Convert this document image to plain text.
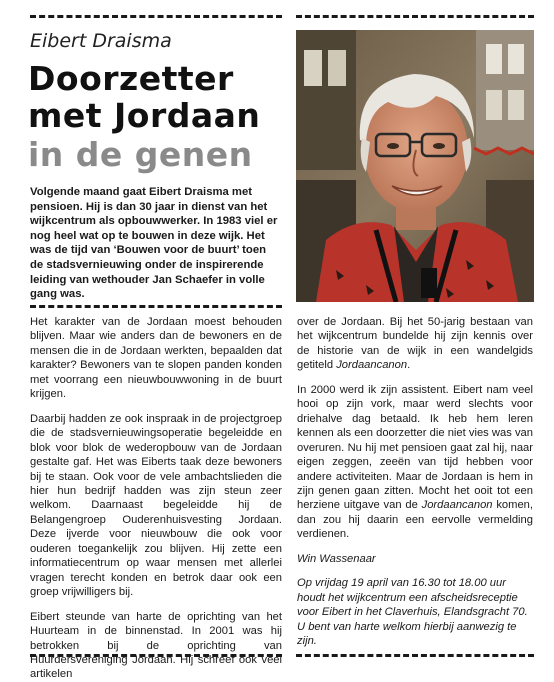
Eibert Draisma
Doorzetter
met Jordaan
in de genen
Volgende maand gaat Eibert Draisma met pensioen. Hij is dan 30 jaar in dienst van het wijkcentrum als opbouwwerker. In 1983 viel er nog heel wat op te bouwen in deze wijk. Het was de tijd van ‘Bouwen voor de buurt’ toen de stadsvernieuwing onder de inspirerende leiding van wethouder Jan Schaefer in volle gang was.

Het karakter van de Jordaan moest behouden blijven. Maar wie anders dan de bewoners en de mensen die in de Jordaan werkten, bepaalden dat karakter? Bewoners van te slopen panden konden met voorrang een nieuwbouwwoning in de buurt krijgen.

Daarbij hadden ze ook inspraak in de projectgroep die de stadsvernieuwingsoperatie begeleidde en blok voor blok de wederopbouw van de Jordaan gestalte gaf. Het was Eiberts taak deze bewoners bij te staan. Ook voor de vele ambachtslieden die hier hun bedrijf hadden was zijn steun zeer welkom. Daarnaast begeleidde hij de Belangengroep Ouderenhuisvesting Jordaan. Deze ijverde voor nieuwbouw die ook voor ouderen toegankelijk zou blijven. Hij zette een informatiecentrum op waar mensen met allerlei vragen terecht konden en betrok daar ook een groep vrijwilligers bij.

Eibert steunde van harte de oprichting van het Huurteam in de binnenstad. In 2001 was hij betrokken bij de oprichting van Huurdersvereniging Jordaan. Hij schreef ook veel artikelen

over de Jordaan. Bij het 50-jarig bestaan van het wijkcentrum bundelde hij zijn kennis over de historie van de wijk in een wandelgids getiteld Jordaancanon.

In 2000 werd ik zijn assistent. Eibert nam veel hooi op zijn vork, maar werd slechts voor driehalve dag betaald. Ik heb hem leren kennen als een doorzetter die niet vies was van overuren. Nu hij met pensioen gaat zal hij, naar eigen zeggen, zeeën van tijd hebben voor andere activiteiten. Maar de Jordaan is hem in zijn genen gaan zitten. Mocht het ooit tot een herziene uitgave van de Jordaancanon komen, dan zou hij daarin een eervolle vermelding verdienen.

Win Wassenaar

Op vrijdag 19 april van 16.30 tot 18.00 uur houdt het wijkcentrum een afscheidsreceptie voor Eibert in het Claverhuis, Elandsgracht 70. U bent van harte welkom hierbij aanwezig te zijn.
